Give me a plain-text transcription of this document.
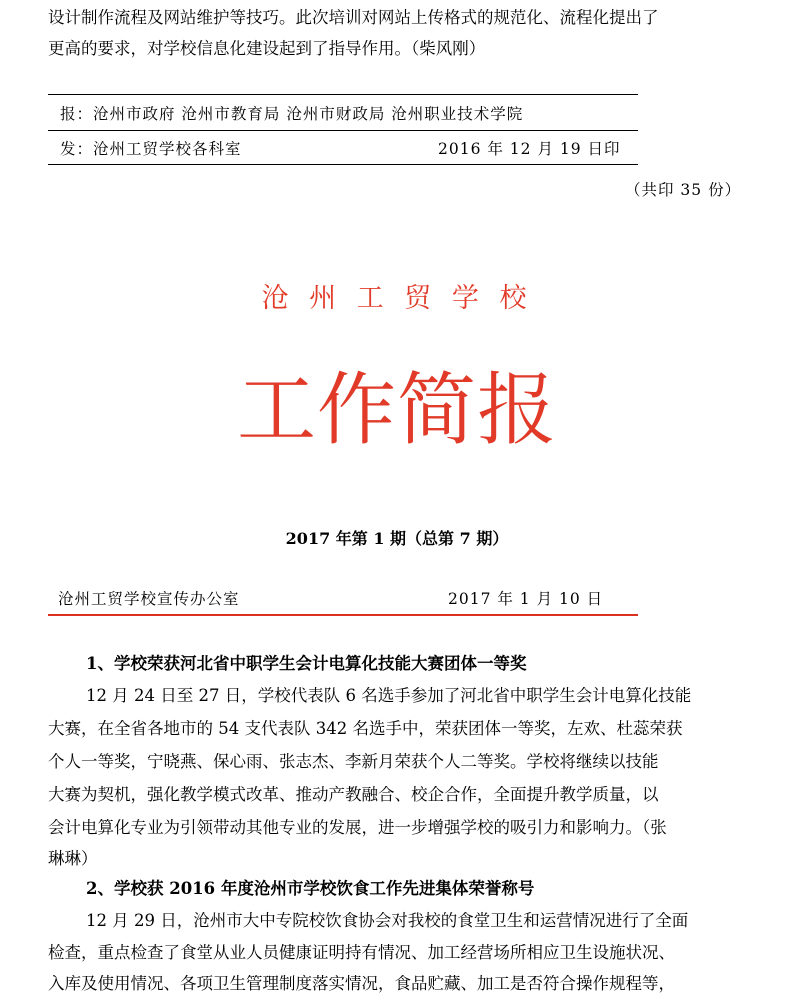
设计制作流程及网站维护等技巧。此次培训对网站上传格式的规范化、流程化提出了
更高的要求，对学校信息化建设起到了指导作用。（柴风刚）
报：沧州市政府 沧州市教育局 沧州市财政局 沧州职业技术学院
发：沧州工贸学校各科室	2016 年 12 月 19 日印
（共印 35 份）
沧 州 工 贸 学 校
工作简报
2017 年第 1 期（总第 7 期）
沧州工贸学校宣传办公室	2017 年 1 月 10 日
1、学校荣获河北省中职学生会计电算化技能大赛团体一等奖
12 月 24 日至 27 日，学校代表队 6 名选手参加了河北省中职学生会计电算化技能
大赛，在全省各地市的 54 支代表队 342 名选手中，荣获团体一等奖，左欢、杜蕊荣获
个人一等奖，宁晓燕、保心雨、张志杰、李新月荣获个人二等奖。学校将继续以技能
大赛为契机，强化教学模式改革、推动产教融合、校企合作，全面提升教学质量，以
会计电算化专业为引领带动其他专业的发展，进一步增强学校的吸引力和影响力。（张
琳琳）
2、学校获 2016 年度沧州市学校饮食工作先进集体荣誉称号
12 月 29 日，沧州市大中专院校饮食协会对我校的食堂卫生和运营情况进行了全面
检查，重点检查了食堂从业人员健康证明持有情况、加工经营场所相应卫生设施状况、
入库及使用情况、各项卫生管理制度落实情况，食品贮藏、加工是否符合操作规程等，
